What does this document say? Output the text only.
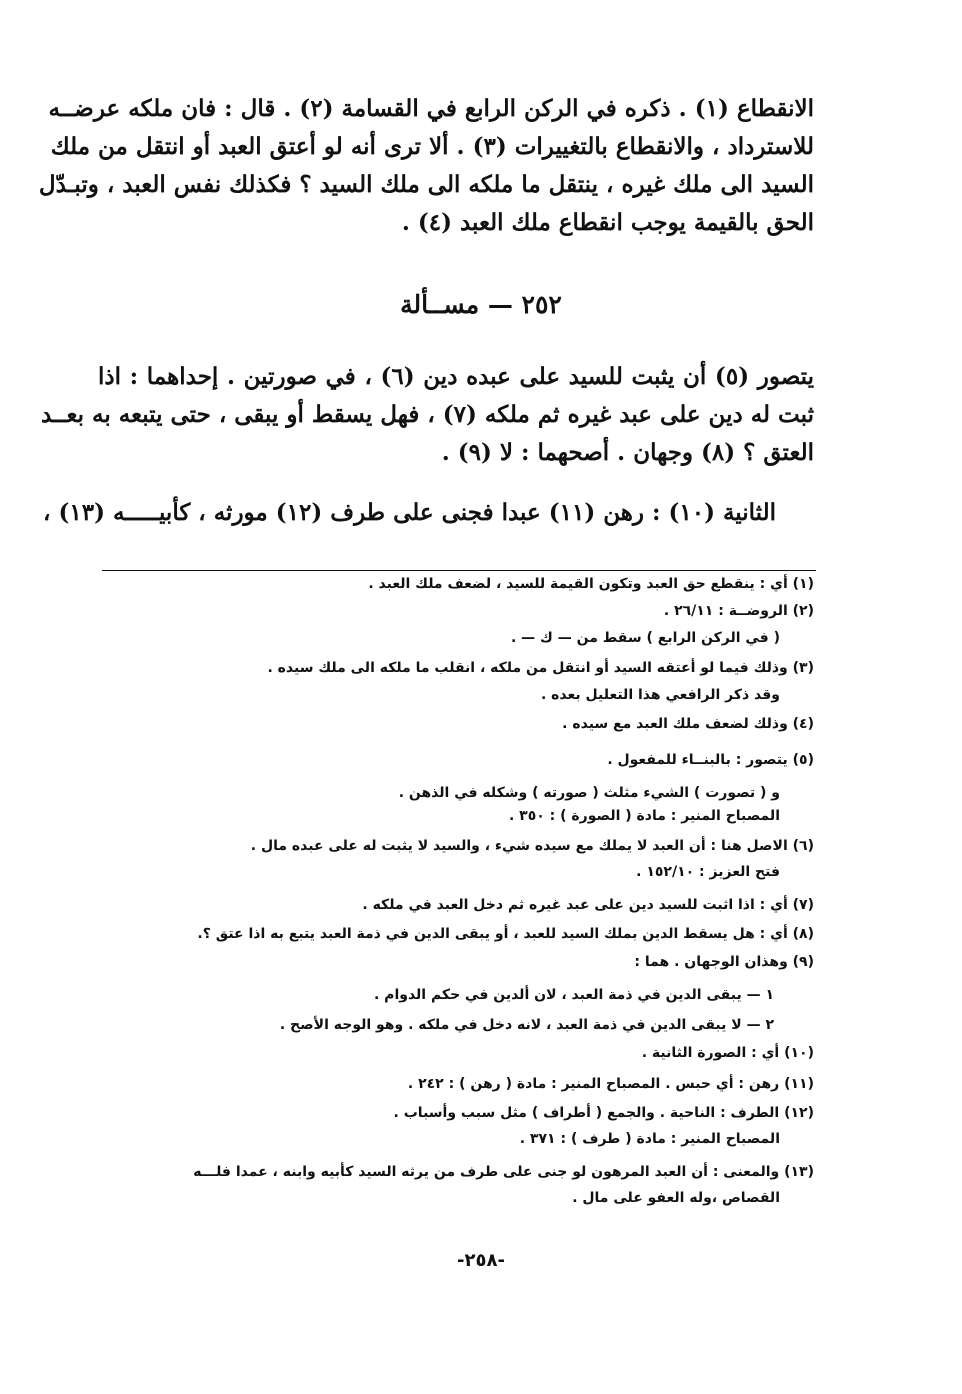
الانقطاع (١) . ذكره في الركن الرابع في القسامة (٢) . قال : فان ملكه عرضــه
للاسترداد ، والانقطاع بالتغييرات (٣) . ألا ترى أنه لو أعتق العبد أو انتقل من ملك
السيد الى ملك غيره ، ينتقل ما ملكه الى ملك السيد ؟ فكذلك نفس العبد ، وتبـدّل
الحق بالقيمة يوجب انقطاع ملك العبد (٤) .
٢٥٢ — مســألة
يتصور (٥) أن يثبت للسيد على عبده دين (٦) ، في صورتين . إحداهما : اذا
ثبت له دين على عبد غيره ثم ملكه (٧) ، فهل يسقط أو يبقى ، حتى يتبعه به بعــد
العتق ؟ (٨) وجهان . أصحهما : لا (٩) .
الثانية (١٠) : رهن (١١) عبدا فجنى على طرف (١٢) مورثه ، كأبيـــــه (١٣) ،
(١) أي : ينقطع حق العبد وتكون القيمة للسيد ، لضعف ملك العبد .
(٢) الروضــة : ٢٦/١١ .
( في الركن الرابع ) سقط من — ك — .
(٣) وذلك فيما لو أعتقه السيد أو انتقل من ملكه ، انقلب ما ملكه الى ملك سيده .
وقد ذكر الرافعي هذا التعليل بعده .
(٤) وذلك لضعف ملك العبد مع سيده .
(٥) يتصور : بالبنــاء للمفعول .
و ( تصورت ) الشيء مثلث ( صورته ) وشكله في الذهن .
المصباح المنير : مادة ( الصورة ) : ٣٥٠ .
(٦) الاصل هنا : أن العبد لا يملك مع سيده شيء ، والسيد لا يثبت له على عبده مال .
فتح العزيز : ١٥٢/١٠ .
(٧) أي : اذا اثبت للسيد دين على عبد غيره ثم دخل العبد في ملكه .
(٨) أي : هل يسقط الدين بملك السيد للعبد ، أو يبقى الدين في ذمة العبد يتبع به اذا عتق ؟.
(٩) وهذان الوجهان . هما :
١ — يبقى الدين في ذمة العبد ، لان ألدين في حكم الدوام .
٢ — لا يبقى الدين في ذمة العبد ، لانه دخل في ملكه . وهو الوجه الأصح .
(١٠) أي : الصورة الثانية .
(١١) رهن : أي حبس . المصباح المنير : مادة ( رهن ) : ٢٤٢ .
(١٢) الطرف : الناحية . والجمع ( أطراف ) مثل سبب وأسباب .
المصباح المنير : مادة ( طرف ) : ٣٧١ .
(١٣) والمعنى : أن العبد المرهون لو جنى على طرف من يرثه السيد كأبيه وابنه ، عمدا فلـــه
القصاص ،وله العفو على مال .
-٢٥٨-
